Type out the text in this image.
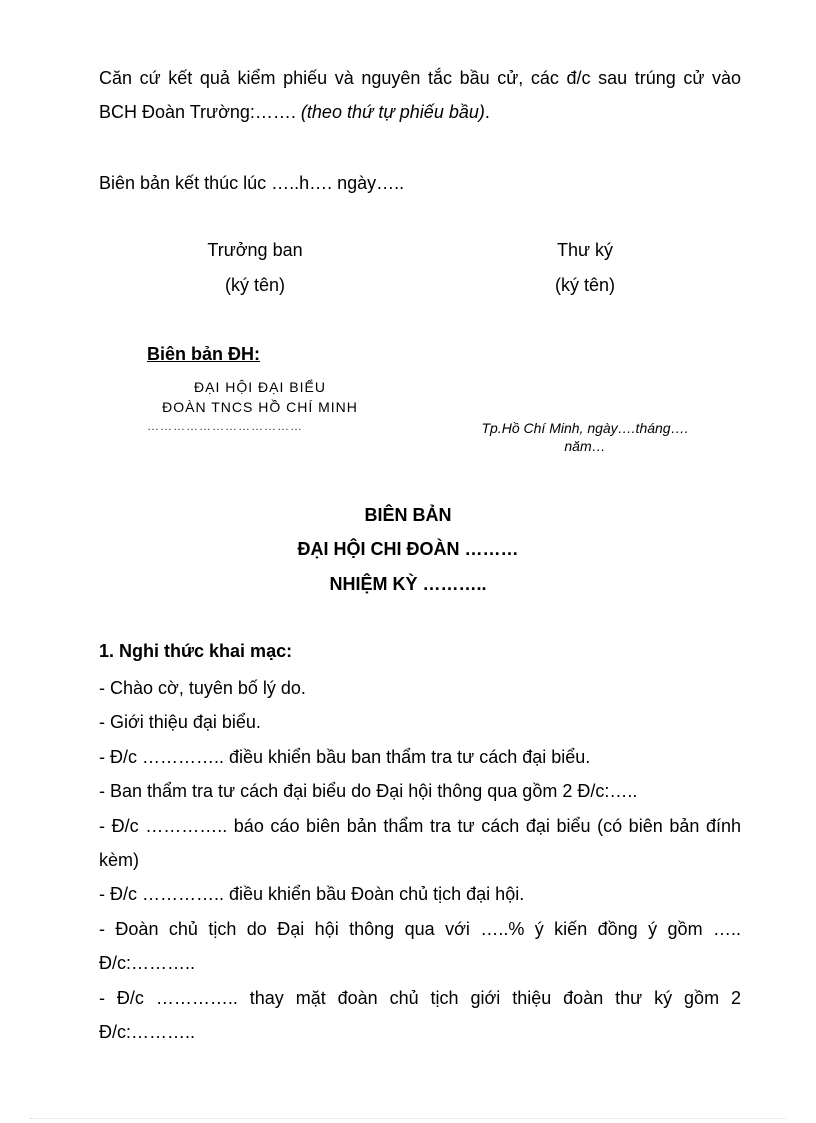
Căn cứ kết quả kiểm phiếu và nguyên tắc bầu cử, các đ/c sau trúng cử vào BCH Đoàn Trường:……. (theo thứ tự phiếu bầu).

Biên bản kết thúc lúc …..h…. ngày…..

Trưởng ban
(ký tên)
Thư ký
(ký tên)
Biên bản ĐH:
ĐẠI HỘI ĐẠI BIỂU
ĐOÀN TNCS HỒ CHÍ MINH
………………………………	Tp.Hồ Chí Minh, ngày….tháng….
năm…
BIÊN BẢN
ĐẠI HỘI CHI ĐOÀN ………
NHIỆM KỲ ………..
1. Nghi thức khai mạc:

- Chào cờ, tuyên bố lý do.

- Giới thiệu đại biểu.

- Đ/c ………….. điều khiển bầu ban thẩm tra tư cách đại biểu.

- Ban thẩm tra tư cách đại biểu do Đại hội thông qua gồm 2 Đ/c:…..

- Đ/c ………….. báo cáo biên bản thẩm tra tư cách đại biểu (có biên bản đính kèm)

- Đ/c ………….. điều khiển bầu Đoàn chủ tịch đại hội.

- Đoàn chủ tịch do Đại hội thông qua với …..% ý kiến đồng ý gồm ….. Đ/c:………..

- Đ/c ………….. thay mặt đoàn chủ tịch giới thiệu đoàn thư ký gồm 2 Đ/c:………..
